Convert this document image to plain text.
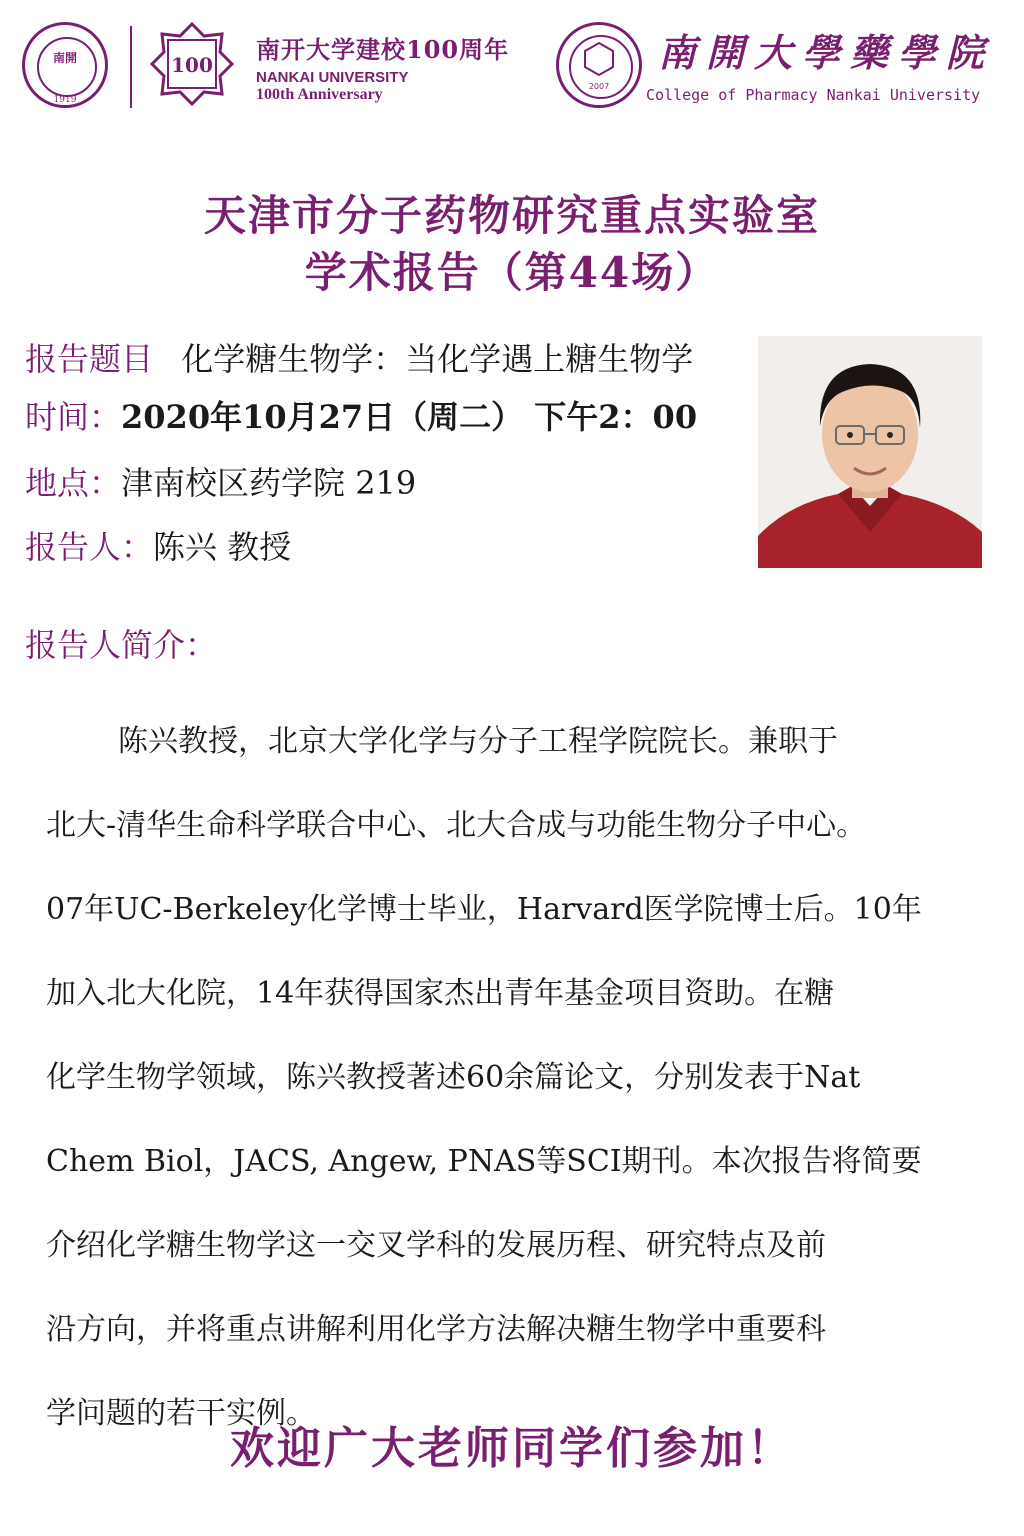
南開
1919
100
南开大学建校100周年
NANKAI UNIVERSITY
100th Anniversary	2007
南開大學藥學院
College of Pharmacy Nankai University
天津市分子药物研究重点实验室
学术报告（第44场）
报告题目 化学糖生物学：当化学遇上糖生物学
时间：2020年10月27日（周二） 下午2：00
地点：津南校区药学院 219
报告人：陈兴 教授
报告人简介：
陈兴教授，北京大学化学与分子工程学院院长。兼职于
北大-清华生命科学联合中心、北大合成与功能生物分子中心。
07年UC-Berkeley化学博士毕业，Harvard医学院博士后。10年
加入北大化院，14年获得国家杰出青年基金项目资助。在糖
化学生物学领域，陈兴教授著述60余篇论文，分别发表于Nat
Chem Biol，JACS, Angew, PNAS等SCI期刊。本次报告将简要
介绍化学糖生物学这一交叉学科的发展历程、研究特点及前
沿方向，并将重点讲解利用化学方法解决糖生物学中重要科
学问题的若干实例。
欢迎广大老师同学们参加！
